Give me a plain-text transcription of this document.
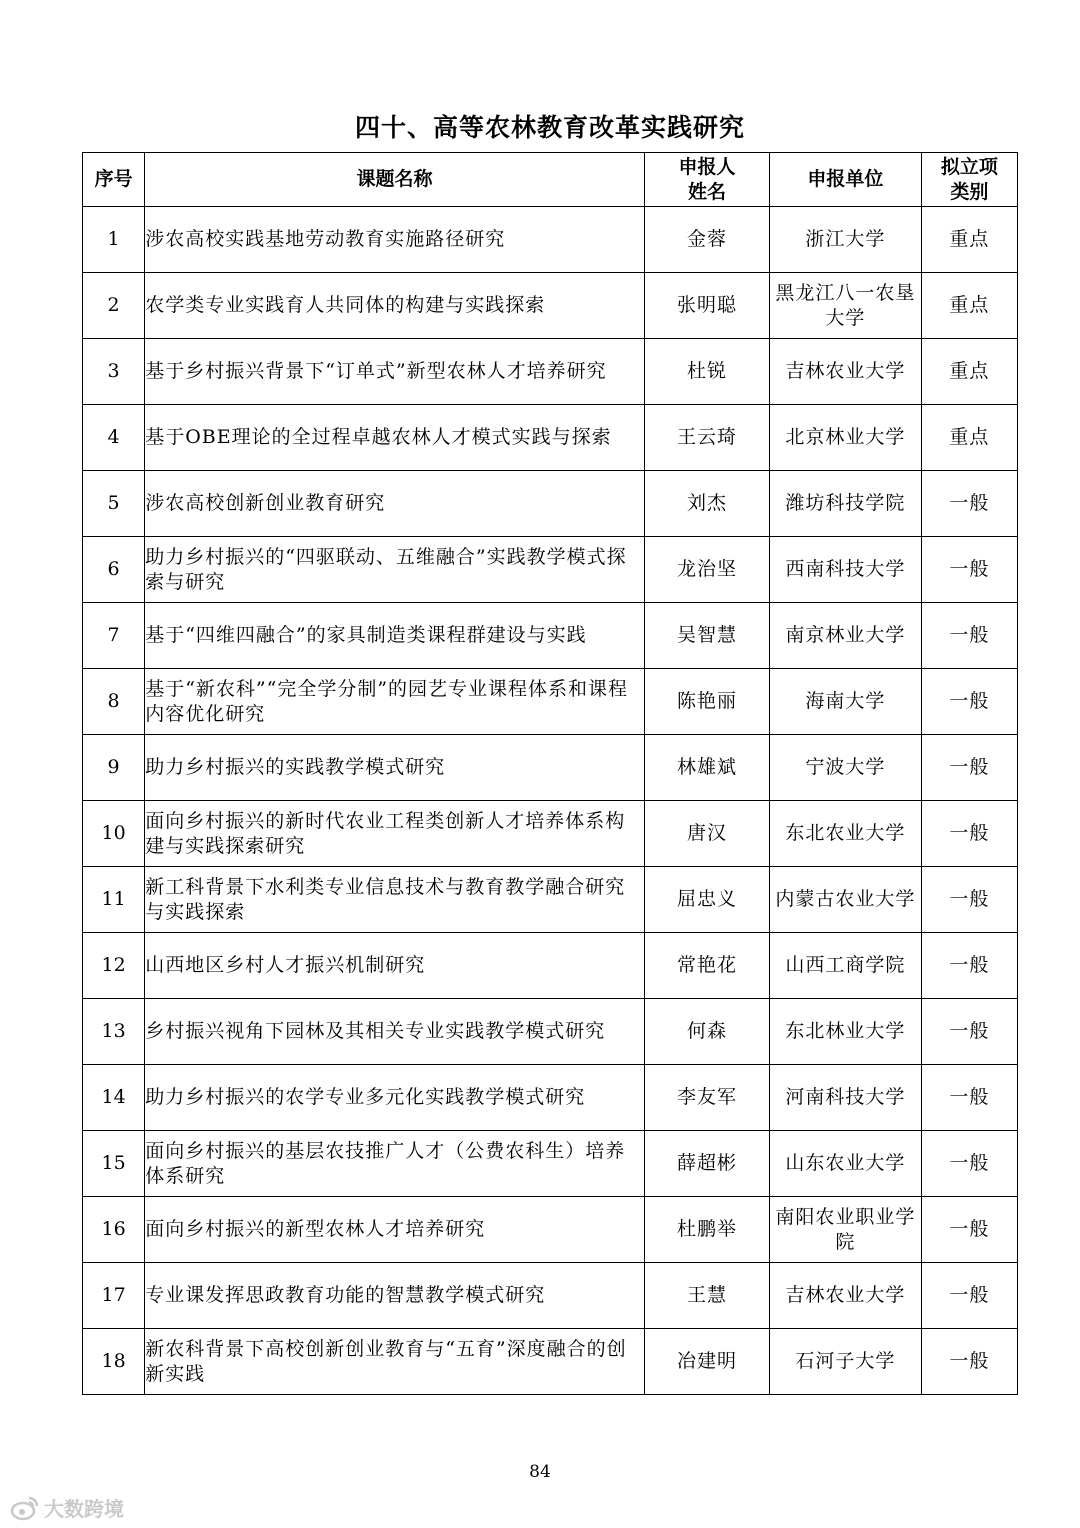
四十、高等农林教育改革实践研究
序号	课题名称	申报人姓名	申报单位	拟立项类别
1	涉农高校实践基地劳动教育实施路径研究	金蓉	浙江大学	重点
2	农学类专业实践育人共同体的构建与实践探索	张明聪	黑龙江八一农垦大学	重点
3	基于乡村振兴背景下“订单式”新型农林人才培养研究	杜锐	吉林农业大学	重点
4	基于OBE理论的全过程卓越农林人才模式实践与探索	王云琦	北京林业大学	重点
5	涉农高校创新创业教育研究	刘杰	潍坊科技学院	一般
6	助力乡村振兴的“四驱联动、五维融合”实践教学模式探索与研究	龙治坚	西南科技大学	一般
7	基于“四维四融合”的家具制造类课程群建设与实践	吴智慧	南京林业大学	一般
8	基于“新农科”“完全学分制”的园艺专业课程体系和课程内容优化研究	陈艳丽	海南大学	一般
9	助力乡村振兴的实践教学模式研究	林雄斌	宁波大学	一般
10	面向乡村振兴的新时代农业工程类创新人才培养体系构建与实践探索研究	唐汉	东北农业大学	一般
11	新工科背景下水利类专业信息技术与教育教学融合研究与实践探索	屈忠义	内蒙古农业大学	一般
12	山西地区乡村人才振兴机制研究	常艳花	山西工商学院	一般
13	乡村振兴视角下园林及其相关专业实践教学模式研究	何森	东北林业大学	一般
14	助力乡村振兴的农学专业多元化实践教学模式研究	李友军	河南科技大学	一般
15	面向乡村振兴的基层农技推广人才（公费农科生）培养体系研究	薛超彬	山东农业大学	一般
16	面向乡村振兴的新型农林人才培养研究	杜鹏举	南阳农业职业学院	一般
17	专业课发挥思政教育功能的智慧教学模式研究	王慧	吉林农业大学	一般
18	新农科背景下高校创新创业教育与“五育”深度融合的创新实践	冶建明	石河子大学	一般
84
大数跨境
